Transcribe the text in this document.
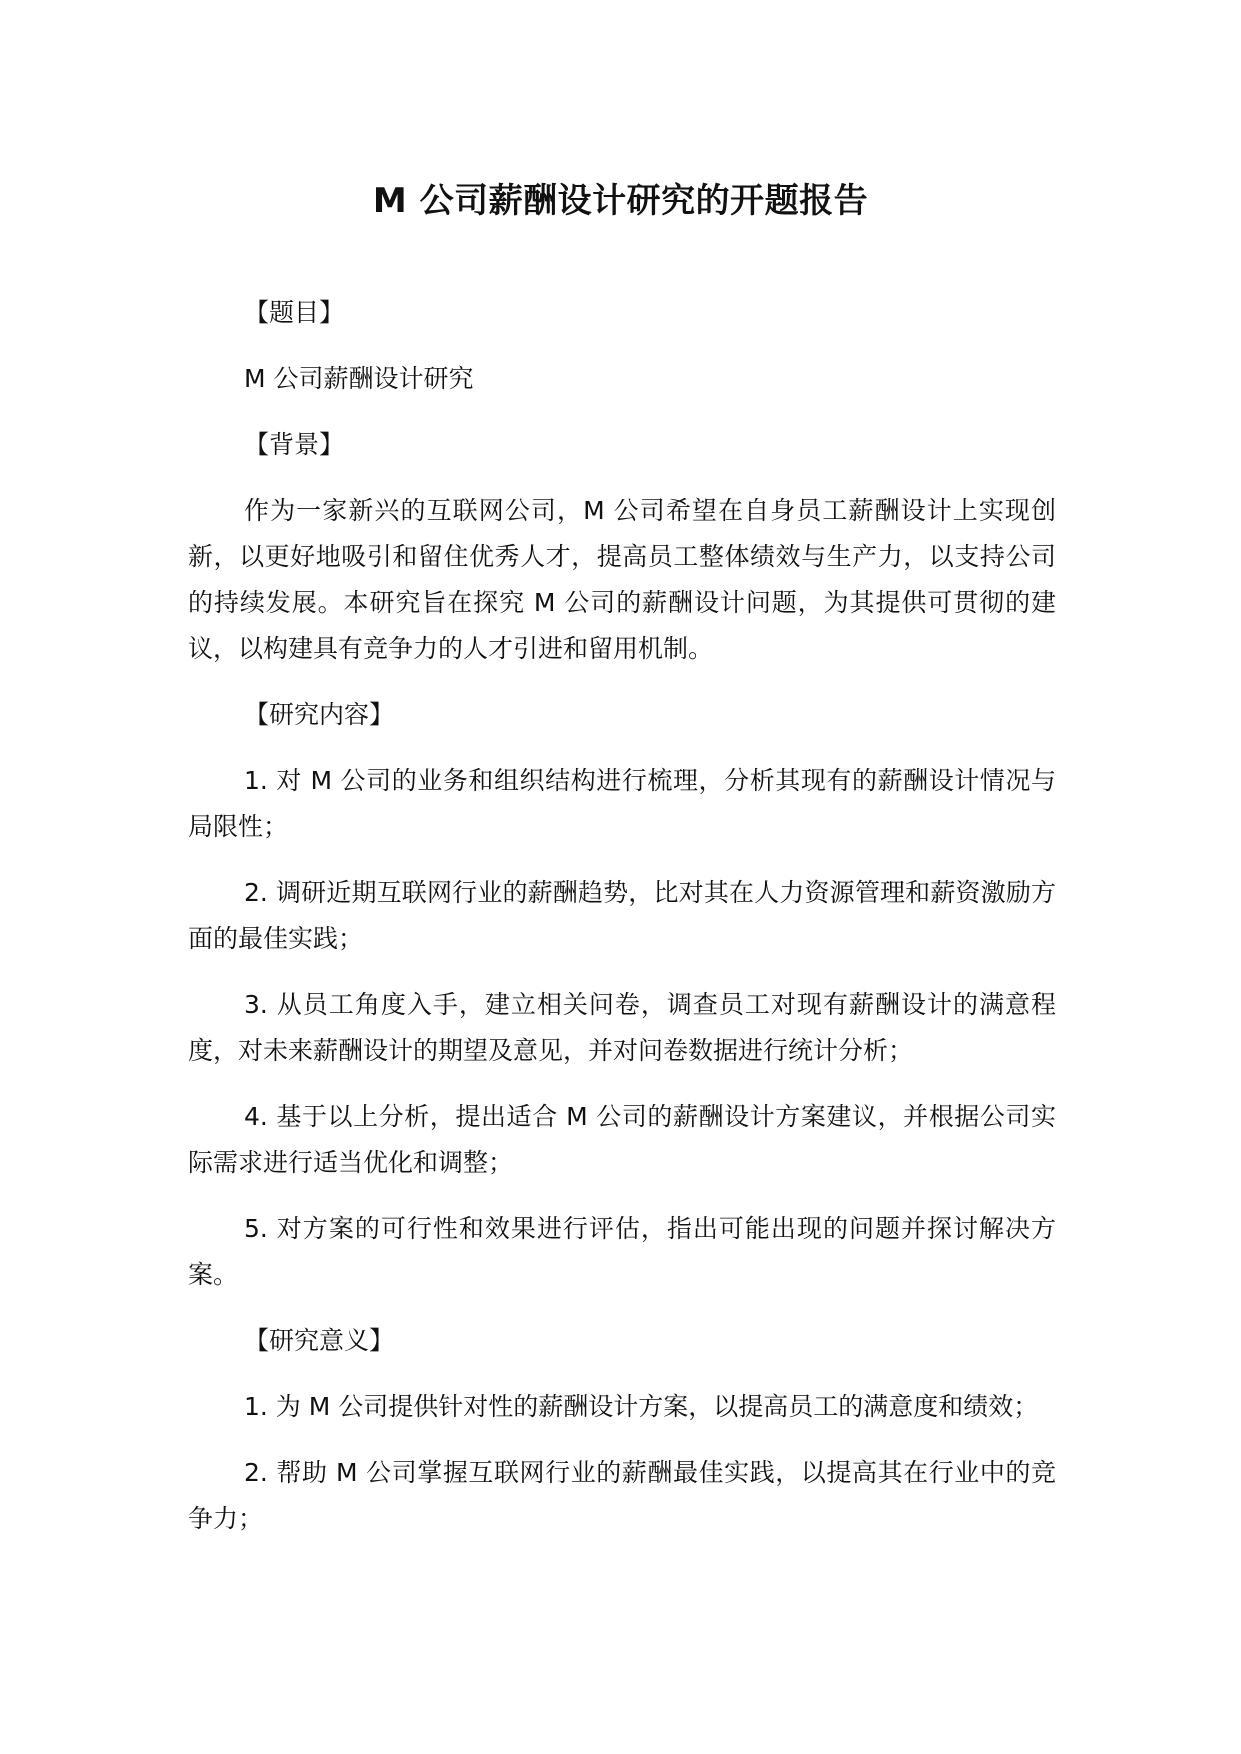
M 公司薪酬设计研究的开题报告

【题目】

M 公司薪酬设计研究

【背景】

作为一家新兴的互联网公司，M 公司希望在自身员工薪酬设计上实现创新，以更好地吸引和留住优秀人才，提高员工整体绩效与生产力，以支持公司的持续发展。本研究旨在探究 M 公司的薪酬设计问题，为其提供可贯彻的建议，以构建具有竞争力的人才引进和留用机制。

【研究内容】

1. 对 M 公司的业务和组织结构进行梳理，分析其现有的薪酬设计情况与局限性；

2. 调研近期互联网行业的薪酬趋势，比对其在人力资源管理和薪资激励方面的最佳实践；

3. 从员工角度入手，建立相关问卷，调查员工对现有薪酬设计的满意程度，对未来薪酬设计的期望及意见，并对问卷数据进行统计分析；

4. 基于以上分析，提出适合 M 公司的薪酬设计方案建议，并根据公司实际需求进行适当优化和调整；

5. 对方案的可行性和效果进行评估，指出可能出现的问题并探讨解决方案。

【研究意义】

1. 为 M 公司提供针对性的薪酬设计方案，以提高员工的满意度和绩效；

2. 帮助 M 公司掌握互联网行业的薪酬最佳实践，以提高其在行业中的竞争力；
